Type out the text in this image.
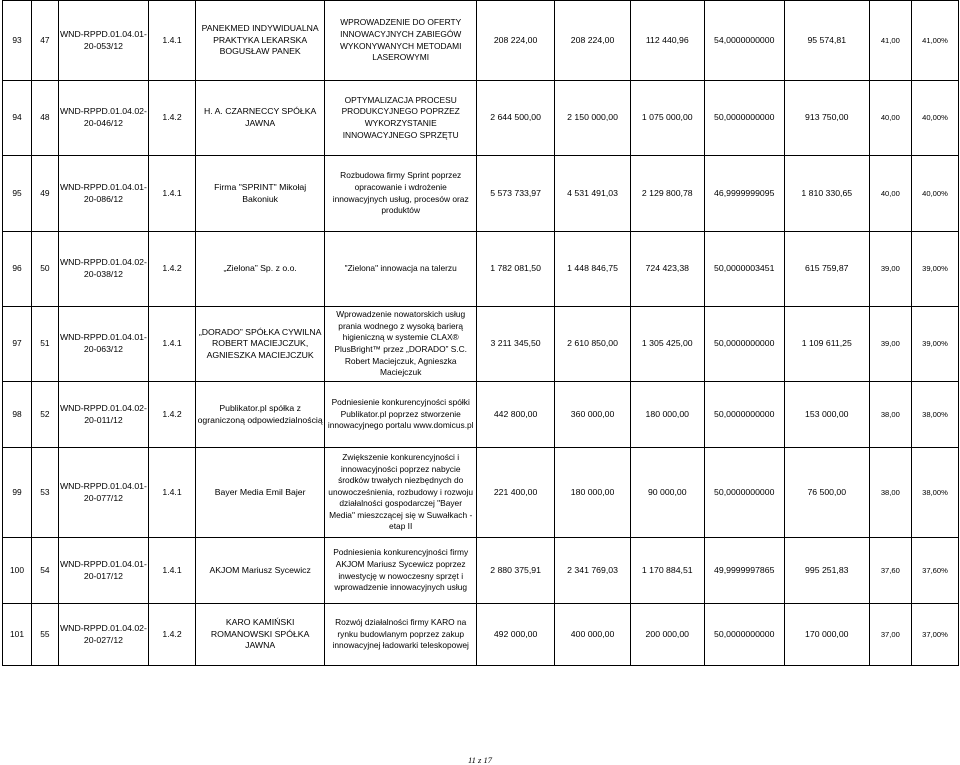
93	47	WND-RPPD.01.04.01-20-053/12	1.4.1	PANEKMED INDYWIDUALNA PRAKTYKA LEKARSKA BOGUSŁAW PANEK	WPROWADZENIE DO OFERTY INNOWACYJNYCH ZABIEGÓW WYKONYWANYCH METODAMI LASEROWYMI	208 224,00	208 224,00	112 440,96	54,0000000000	95 574,81	41,00	41,00%
94	48	WND-RPPD.01.04.02-20-046/12	1.4.2	H. A. CZARNECCY SPÓŁKA JAWNA	OPTYMALIZACJA PROCESU PRODUKCYJNEGO POPRZEZ WYKORZYSTANIE INNOWACYJNEGO SPRZĘTU	2 644 500,00	2 150 000,00	1 075 000,00	50,0000000000	913 750,00	40,00	40,00%
95	49	WND-RPPD.01.04.01-20-086/12	1.4.1	Firma "SPRINT" Mikołaj Bakoniuk	Rozbudowa firmy Sprint poprzez opracowanie i wdrożenie innowacyjnych usług, procesów oraz produktów	5 573 733,97	4 531 491,03	2 129 800,78	46,9999999095	1 810 330,65	40,00	40,00%
96	50	WND-RPPD.01.04.02-20-038/12	1.4.2	„Zielona” Sp. z o.o.	"Zielona" innowacja na talerzu	1 782 081,50	1 448 846,75	724 423,38	50,0000003451	615 759,87	39,00	39,00%
97	51	WND-RPPD.01.04.01-20-063/12	1.4.1	„DORADO” SPÓŁKA CYWILNA ROBERT MACIEJCZUK, AGNIESZKA MACIEJCZUK	Wprowadzenie nowatorskich usług prania wodnego z wysoką barierą higieniczną w systemie CLAX® PlusBright™ przez „DORADO” S.C. Robert Maciejczuk, Agnieszka Maciejczuk	3 211 345,50	2 610 850,00	1 305 425,00	50,0000000000	1 109 611,25	39,00	39,00%
98	52	WND-RPPD.01.04.02-20-011/12	1.4.2	Publikator.pl spółka z ograniczoną odpowiedzialnością	Podniesienie konkurencyjności spółki Publikator.pl poprzez stworzenie innowacyjnego portalu www.domicus.pl	442 800,00	360 000,00	180 000,00	50,0000000000	153 000,00	38,00	38,00%
99	53	WND-RPPD.01.04.01-20-077/12	1.4.1	Bayer Media Emil Bajer	Zwiększenie konkurencyjności i innowacyjności poprzez nabycie środków trwałych niezbędnych do unowocześnienia, rozbudowy i rozwoju działalności gospodarczej "Bayer Media" mieszczącej się w Suwałkach - etap II	221 400,00	180 000,00	90 000,00	50,0000000000	76 500,00	38,00	38,00%
100	54	WND-RPPD.01.04.01-20-017/12	1.4.1	AKJOM Mariusz Sycewicz	Podniesienia konkurencyjności firmy AKJOM Mariusz Sycewicz poprzez inwestycję w nowoczesny sprzęt i wprowadzenie innowacyjnych usług	2 880 375,91	2 341 769,03	1 170 884,51	49,9999997865	995 251,83	37,60	37,60%
101	55	WND-RPPD.01.04.02-20-027/12	1.4.2	KARO KAMIŃSKI ROMANOWSKI SPÓŁKA JAWNA	Rozwój działalności firmy KARO na rynku budowlanym poprzez zakup innowacyjnej ładowarki teleskopowej	492 000,00	400 000,00	200 000,00	50,0000000000	170 000,00	37,00	37,00%
11 z 17
